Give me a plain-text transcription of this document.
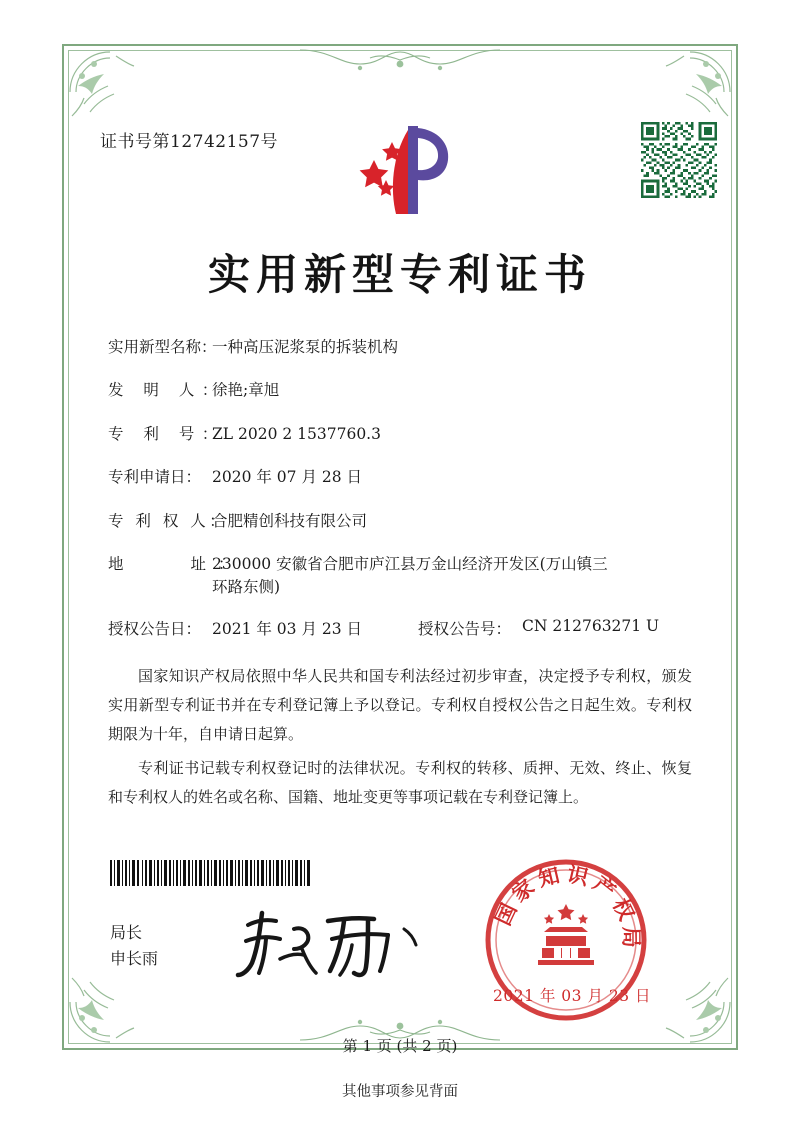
证书号第12742157号
实用新型专利证书
实用新型名称：
一种高压泥浆泵的拆装机构
发 明 人：
徐艳;章旭
专 利 号：
ZL 2020 2 1537760.3
专利申请日： 2020 年 07 月 28 日
专 利 权 人：
合肥精创科技有限公司
地　　址：
230000 安徽省合肥市庐江县万金山经济开发区(万山镇三
环路东侧)
授权公告日： 2021 年 03 月 23 日	授权公告号： CN 212763271 U

国家知识产权局依照中华人民共和国专利法经过初步审查，决定授予专利权，颁发实用新型专利证书并在专利登记簿上予以登记。专利权自授权公告之日起生效。专利权期限为十年，自申请日起算。

专利证书记载专利权登记时的法律状况。专利权的转移、质押、无效、终止、恢复和专利权人的姓名或名称、国籍、地址变更等事项记载在专利登记簿上。

局长
申长雨
国家知识产权局
2021 年 03 月 23 日
第 1 页 (共 2 页)
其他事项参见背面
